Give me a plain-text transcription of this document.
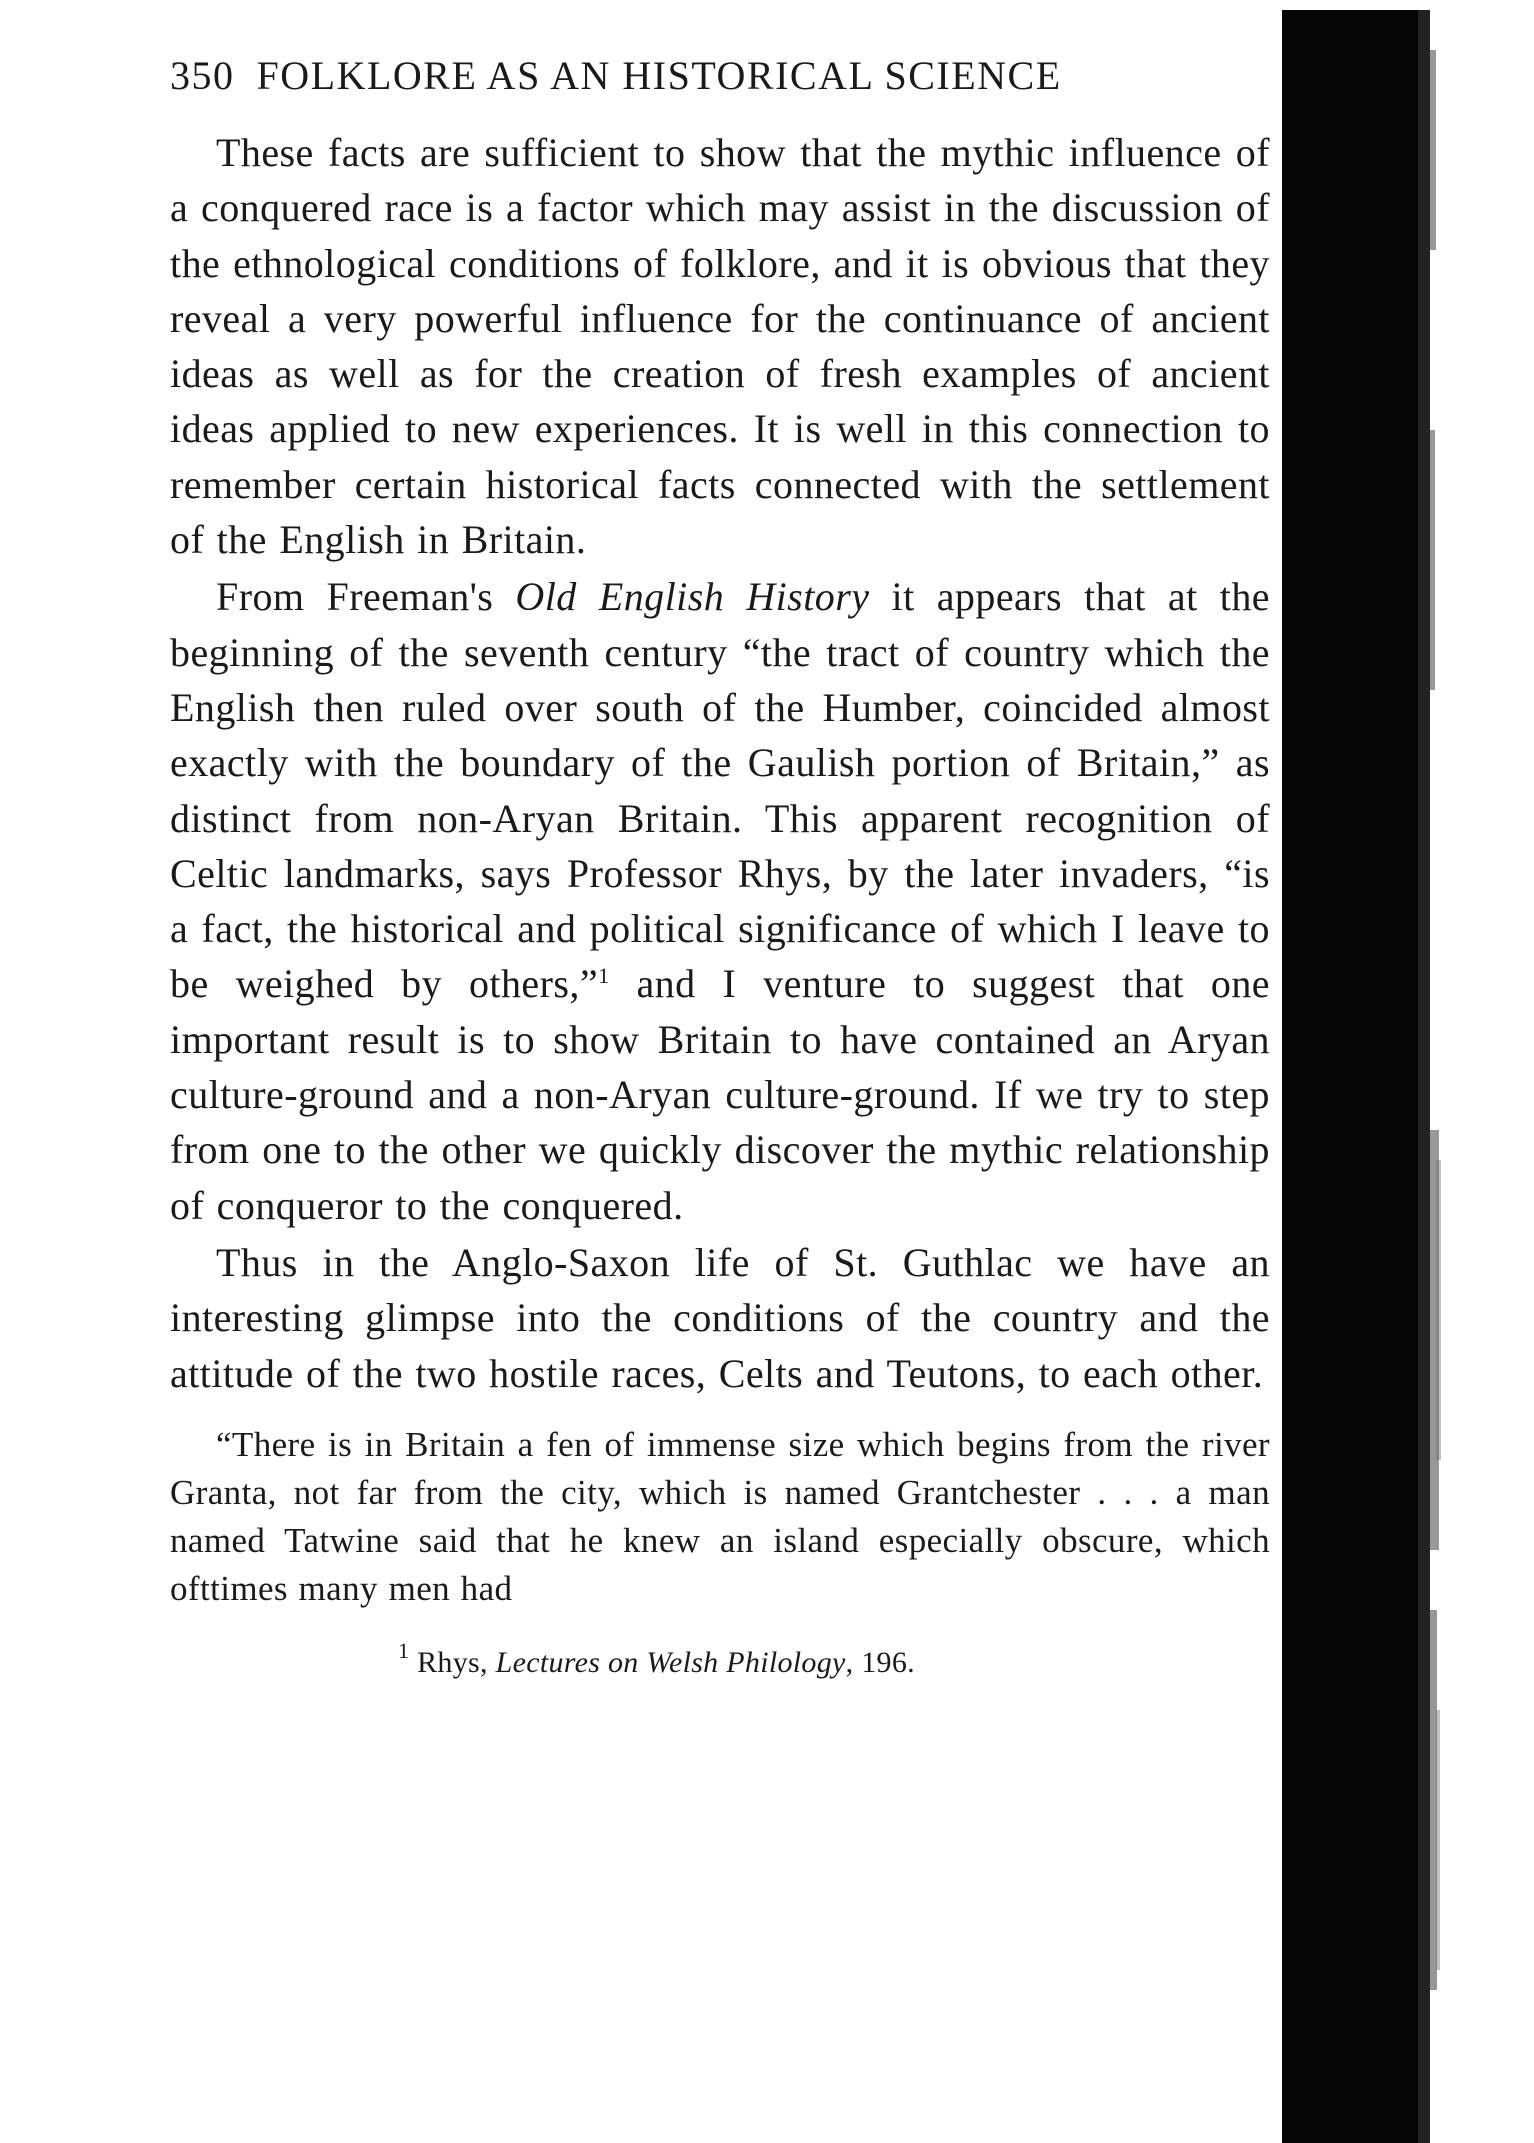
350 FOLKLORE AS AN HISTORICAL SCIENCE

These facts are sufficient to show that the mythic influence of a conquered race is a factor which may assist in the discussion of the ethnological conditions of folklore, and it is obvious that they reveal a very powerful influence for the continuance of ancient ideas as well as for the creation of fresh examples of ancient ideas applied to new experiences. It is well in this connection to remember certain historical facts connected with the settlement of the English in Britain.

From Freeman's Old English History it appears that at the beginning of the seventh century “the tract of country which the English then ruled over south of the Humber, coincided almost exactly with the boundary of the Gaulish portion of Britain,” as distinct from non-Aryan Britain. This apparent recognition of Celtic landmarks, says Professor Rhys, by the later invaders, “is a fact, the historical and political significance of which I leave to be weighed by others,”$^1$ and I venture to suggest that one important result is to show Britain to have contained an Aryan culture-ground and a non-Aryan culture-ground. If we try to step from one to the other we quickly discover the mythic relationship of conqueror to the conquered.

Thus in the Anglo-Saxon life of St. Guthlac we have an interesting glimpse into the conditions of the country and the attitude of the two hostile races, Celts and Teutons, to each other.

“There is in Britain a fen of immense size which begins from the river Granta, not far from the city, which is named Grantchester . . . a man named Tatwine said that he knew an island especially obscure, which ofttimes many men had

$^1$ Rhys, Lectures on Welsh Philology, 196.
